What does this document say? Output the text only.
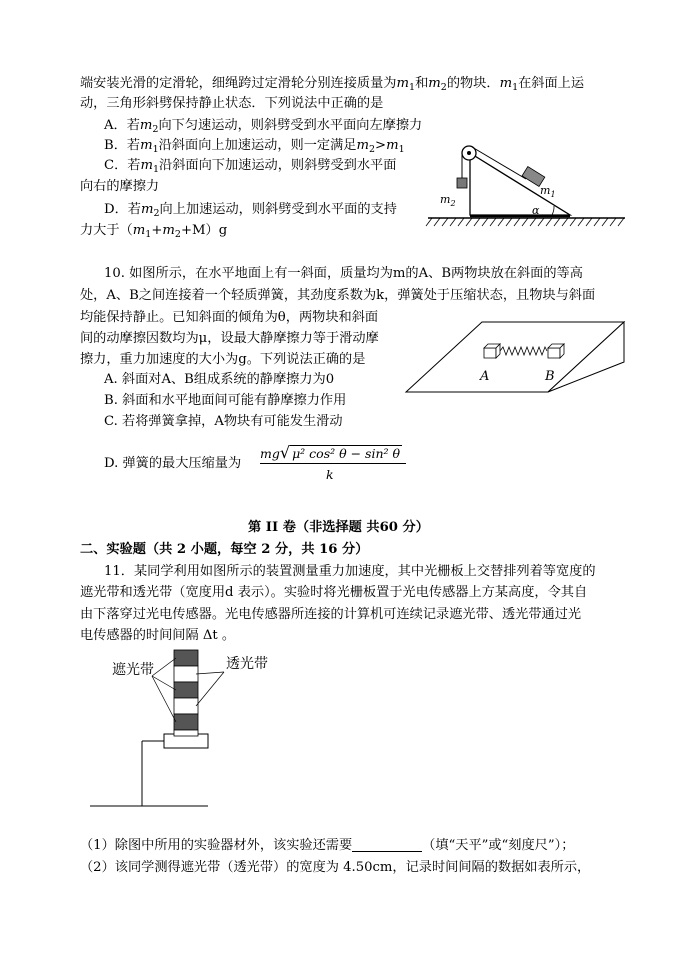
端安装光滑的定滑轮，细绳跨过定滑轮分别连接质量为$m_1$和$m_2$的物块．$m_1$在斜面上运
动，三角形斜劈保持静止状态．下列说法中正确的是
A．若$m_2$向下匀速运动，则斜劈受到水平面向左摩擦力
B．若$m_1$沿斜面向上加速运动，则一定满足$m_2>m_1$
C．若$m_1$沿斜面向下加速运动，则斜劈受到水平面
向右的摩擦力
D．若$m_2$向上加速运动，则斜劈受到水平面的支持
力大于$(m_1+m_2+M)g$
$m_2$
$m_1$
α
10. 如图所示，在水平地面上有一斜面，质量均为m的A、B两物块放在斜面的等高
处，A、B之间连接着一个轻质弹簧，其劲度系数为k，弹簧处于压缩状态，且物块与斜面
均能保持静止。已知斜面的倾角为θ，两物块和斜面
间的动摩擦因数均为μ，设最大静摩擦力等于滑动摩
擦力，重力加速度的大小为g。下列说法正确的是
A. 斜面对A、B组成系统的静摩擦力为0
B. 斜面和水平地面间可能有静摩擦力作用
C. 若将弹簧拿掉，A物块有可能发生滑动
D. 弹簧的最大压缩量为
mg√ μ² cos² θ − sin² θ
k
A	B
第 II 卷（非选择题 共60 分）
二、实验题（共 2 小题，每空 2 分，共 16 分）
11．某同学利用如图所示的装置测量重力加速度，其中光栅板上交替排列着等宽度的
遮光带和透光带（宽度用d 表示）。实验时将光栅板置于光电传感器上方某高度，令其自
由下落穿过光电传感器。光电传感器所连接的计算机可连续记录遮光带、透光带通过光
电传感器的时间间隔 Δt 。
遮光带	透光带
（1）除图中所用的实验器材外，该实验还需要	（填“天平”或“刻度尺”）；
（2）该同学测得遮光带（透光带）的宽度为 4.50cm，记录时间间隔的数据如表所示，
